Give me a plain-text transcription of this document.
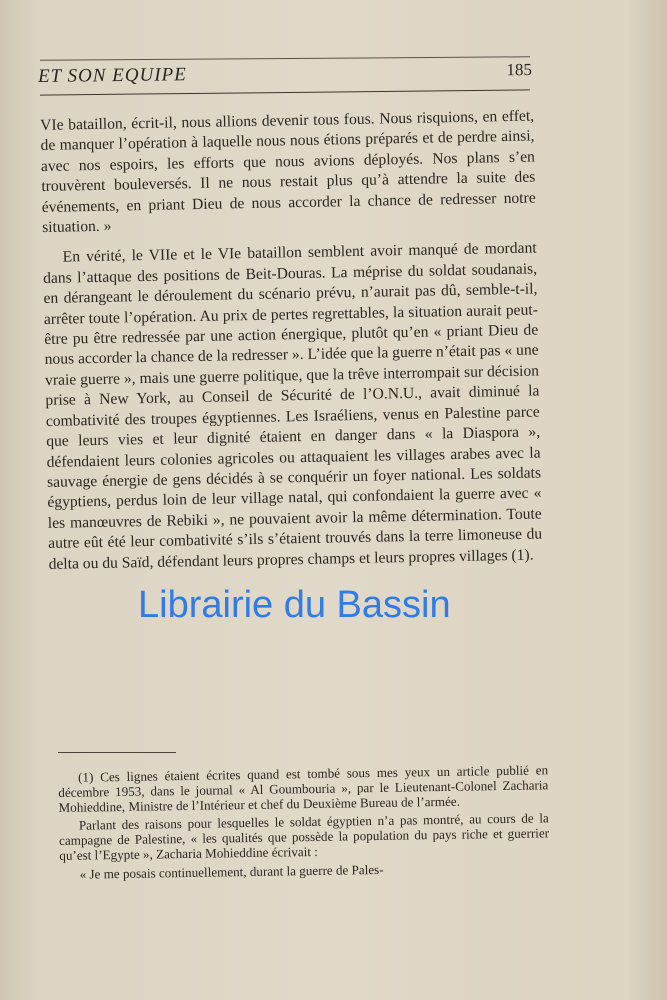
ET SON EQUIPE	185

VIe bataillon, écrit-il, nous allions devenir tous fous. Nous risquions, en effet, de manquer l’opération à laquelle nous nous étions préparés et de perdre ainsi, avec nos espoirs, les efforts que nous avions déployés. Nos plans s’en trouvèrent bouleversés. Il ne nous restait plus qu’à attendre la suite des événements, en priant Dieu de nous accorder la chance de redresser notre situation. »

En vérité, le VIIe et le VIe bataillon semblent avoir manqué de mordant dans l’attaque des positions de Beit-Douras. La méprise du soldat soudanais, en dérangeant le déroulement du scénario prévu, n’aurait pas dû, semble-t-il, arrêter toute l’opération. Au prix de pertes regrettables, la situation aurait peut-être pu être redressée par une action énergique, plutôt qu’en « priant Dieu de nous accorder la chance de la redresser ». L’idée que la guerre n’était pas « une vraie guerre », mais une guerre politique, que la trêve interrompait sur décision prise à New York, au Conseil de Sécurité de l’O.N.U., avait diminué la combativité des troupes égyptiennes. Les Israéliens, venus en Palestine parce que leurs vies et leur dignité étaient en danger dans « la Diaspora », défendaient leurs colonies agricoles ou attaquaient les villages arabes avec la sauvage énergie de gens décidés à se conquérir un foyer national. Les soldats égyptiens, perdus loin de leur village natal, qui confondaient la guerre avec « les manœuvres de Rebiki », ne pouvaient avoir la même détermination. Toute autre eût été leur combativité s’ils s’étaient trouvés dans la terre limoneuse du delta ou du Saïd, défendant leurs propres champs et leurs propres villages (1).

(1) Ces lignes étaient écrites quand est tombé sous mes yeux un article publié en décembre 1953, dans le journal « Al Goumbouria », par le Lieutenant-Colonel Zacharia Mohieddine, Ministre de l’Intérieur et chef du Deuxième Bureau de l’armée.

Parlant des raisons pour lesquelles le soldat égyptien n’a pas montré, au cours de la campagne de Palestine, « les qualités que possède la population du pays riche et guerrier qu’est l’Egypte », Zacharia Mohieddine écrivait :

« Je me posais continuellement, durant la guerre de Pales-

Librairie du Bassin
